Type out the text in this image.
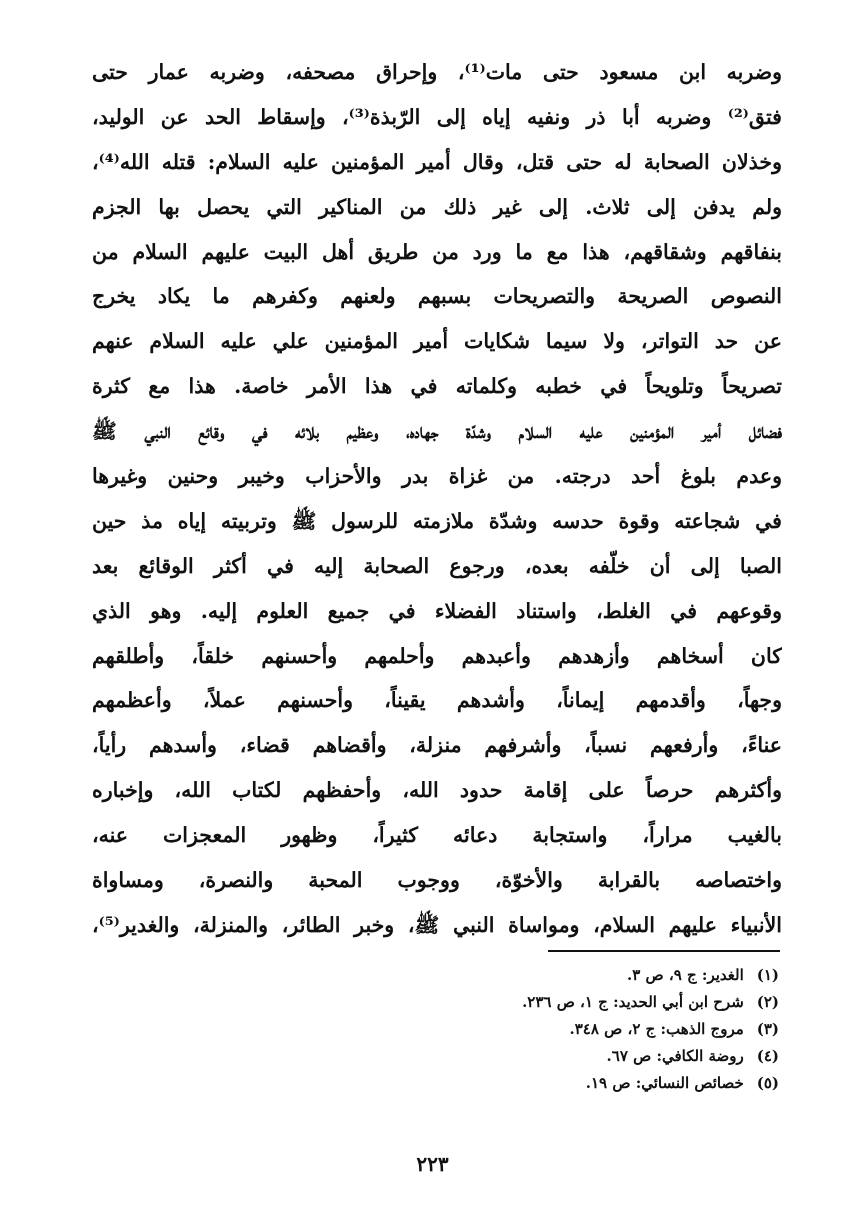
وضربه ابن مسعود حتى مات⁽¹⁾، وإحراق مصحفه، وضربه عمار حتى
فتق⁽²⁾ وضربه أبا ذر ونفيه إياه إلى الرّبذة⁽³⁾، وإسقاط الحد عن الوليد،
وخذلان الصحابة له حتى قتل، وقال أمير المؤمنين عليه السلام: قتله الله⁽⁴⁾،
ولم يدفن إلى ثلاث. إلى غير ذلك من المناكير التي يحصل بها الجزم
بنفاقهم وشقاقهم، هذا مع ما ورد من طريق أهل البيت عليهم السلام من
النصوص الصريحة والتصريحات بسبهم ولعنهم وكفرهم ما يكاد يخرج
عن حد التواتر، ولا سيما شكايات أمير المؤمنين علي عليه السلام عنهم
تصريحاً وتلويحاً في خطبه وكلماته في هذا الأمر خاصة. هذا مع كثرة
فضائل أمير المؤمنين عليه السلام وشدّة جهاده، وعظيم بلائه في وقائع النبي ﷺ
وعدم بلوغ أحد درجته. من غزاة بدر والأحزاب وخيبر وحنين وغيرها
في شجاعته وقوة حدسه وشدّة ملازمته للرسول ﷺ وتربيته إياه مذ حين
الصبا إلى أن خلّفه بعده، ورجوع الصحابة إليه في أكثر الوقائع بعد
وقوعهم في الغلط، واستناد الفضلاء في جميع العلوم إليه. وهو الذي
كان أسخاهم وأزهدهم وأعبدهم وأحلمهم وأحسنهم خلقاً، وأطلقهم
وجهاً، وأقدمهم إيماناً، وأشدهم يقيناً، وأحسنهم عملاً، وأعظمهم
عناءً، وأرفعهم نسباً، وأشرفهم منزلة، وأقضاهم قضاء، وأسدهم رأياً،
وأكثرهم حرصاً على إقامة حدود الله، وأحفظهم لكتاب الله، وإخباره
بالغيب مراراً، واستجابة دعائه كثيراً، وظهور المعجزات عنه،
واختصاصه بالقرابة والأخوّة، ووجوب المحبة والنصرة، ومساواة
الأنبياء عليهم السلام، ومواساة النبي ﷺ، وخبر الطائر، والمنزلة، والغدير⁽⁵⁾،
(١) الغدير: ج ٩، ص ٣.
(٢) شرح ابن أبي الحديد: ج ١، ص ٢٣٦.
(٣) مروج الذهب: ج ٢، ص ٣٤٨.
(٤) روضة الكافي: ص ٦٧.
(٥) خصائص النسائي: ص ١٩.
٢٢٣
